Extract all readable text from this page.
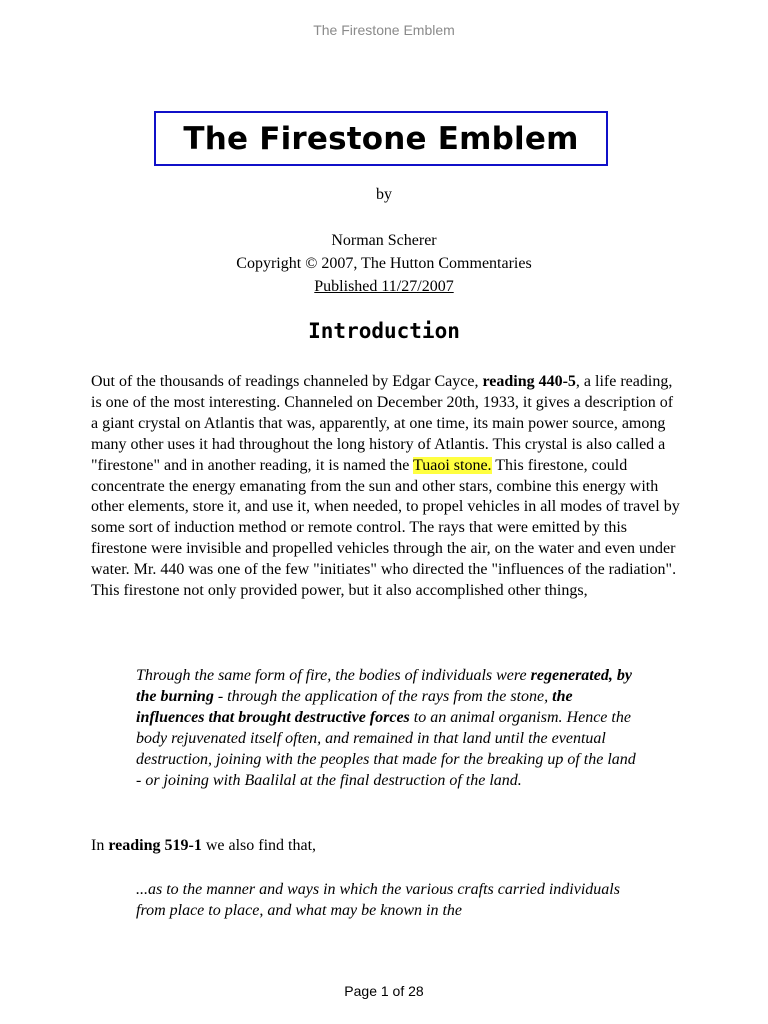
The Firestone Emblem
The Firestone Emblem
by
Norman Scherer
Copyright © 2007, The Hutton Commentaries
Published 11/27/2007
Introduction
Out of the thousands of readings channeled by Edgar Cayce, reading 440-5, a life reading, is one of the most interesting. Channeled on December 20th, 1933, it gives a description of a giant crystal on Atlantis that was, apparently, at one time, its main power source, among many other uses it had throughout the long history of Atlantis. This crystal is also called a "firestone" and in another reading, it is named the Tuaoi stone. This firestone, could concentrate the energy emanating from the sun and other stars, combine this energy with other elements, store it, and use it, when needed, to propel vehicles in all modes of travel by some sort of induction method or remote control. The rays that were emitted by this firestone were invisible and propelled vehicles through the air, on the water and even under water. Mr. 440 was one of the few "initiates" who directed the "influences of the radiation". This firestone not only provided power, but it also accomplished other things,
Through the same form of fire, the bodies of individuals were regenerated, by the burning - through the application of the rays from the stone, the influences that brought destructive forces to an animal organism. Hence the body rejuvenated itself often, and remained in that land until the eventual destruction, joining with the peoples that made for the breaking up of the land - or joining with Baalilal at the final destruction of the land.
In reading 519-1 we also find that,
...as to the manner and ways in which the various crafts carried individuals from place to place, and what may be known in the
Page 1 of 28
